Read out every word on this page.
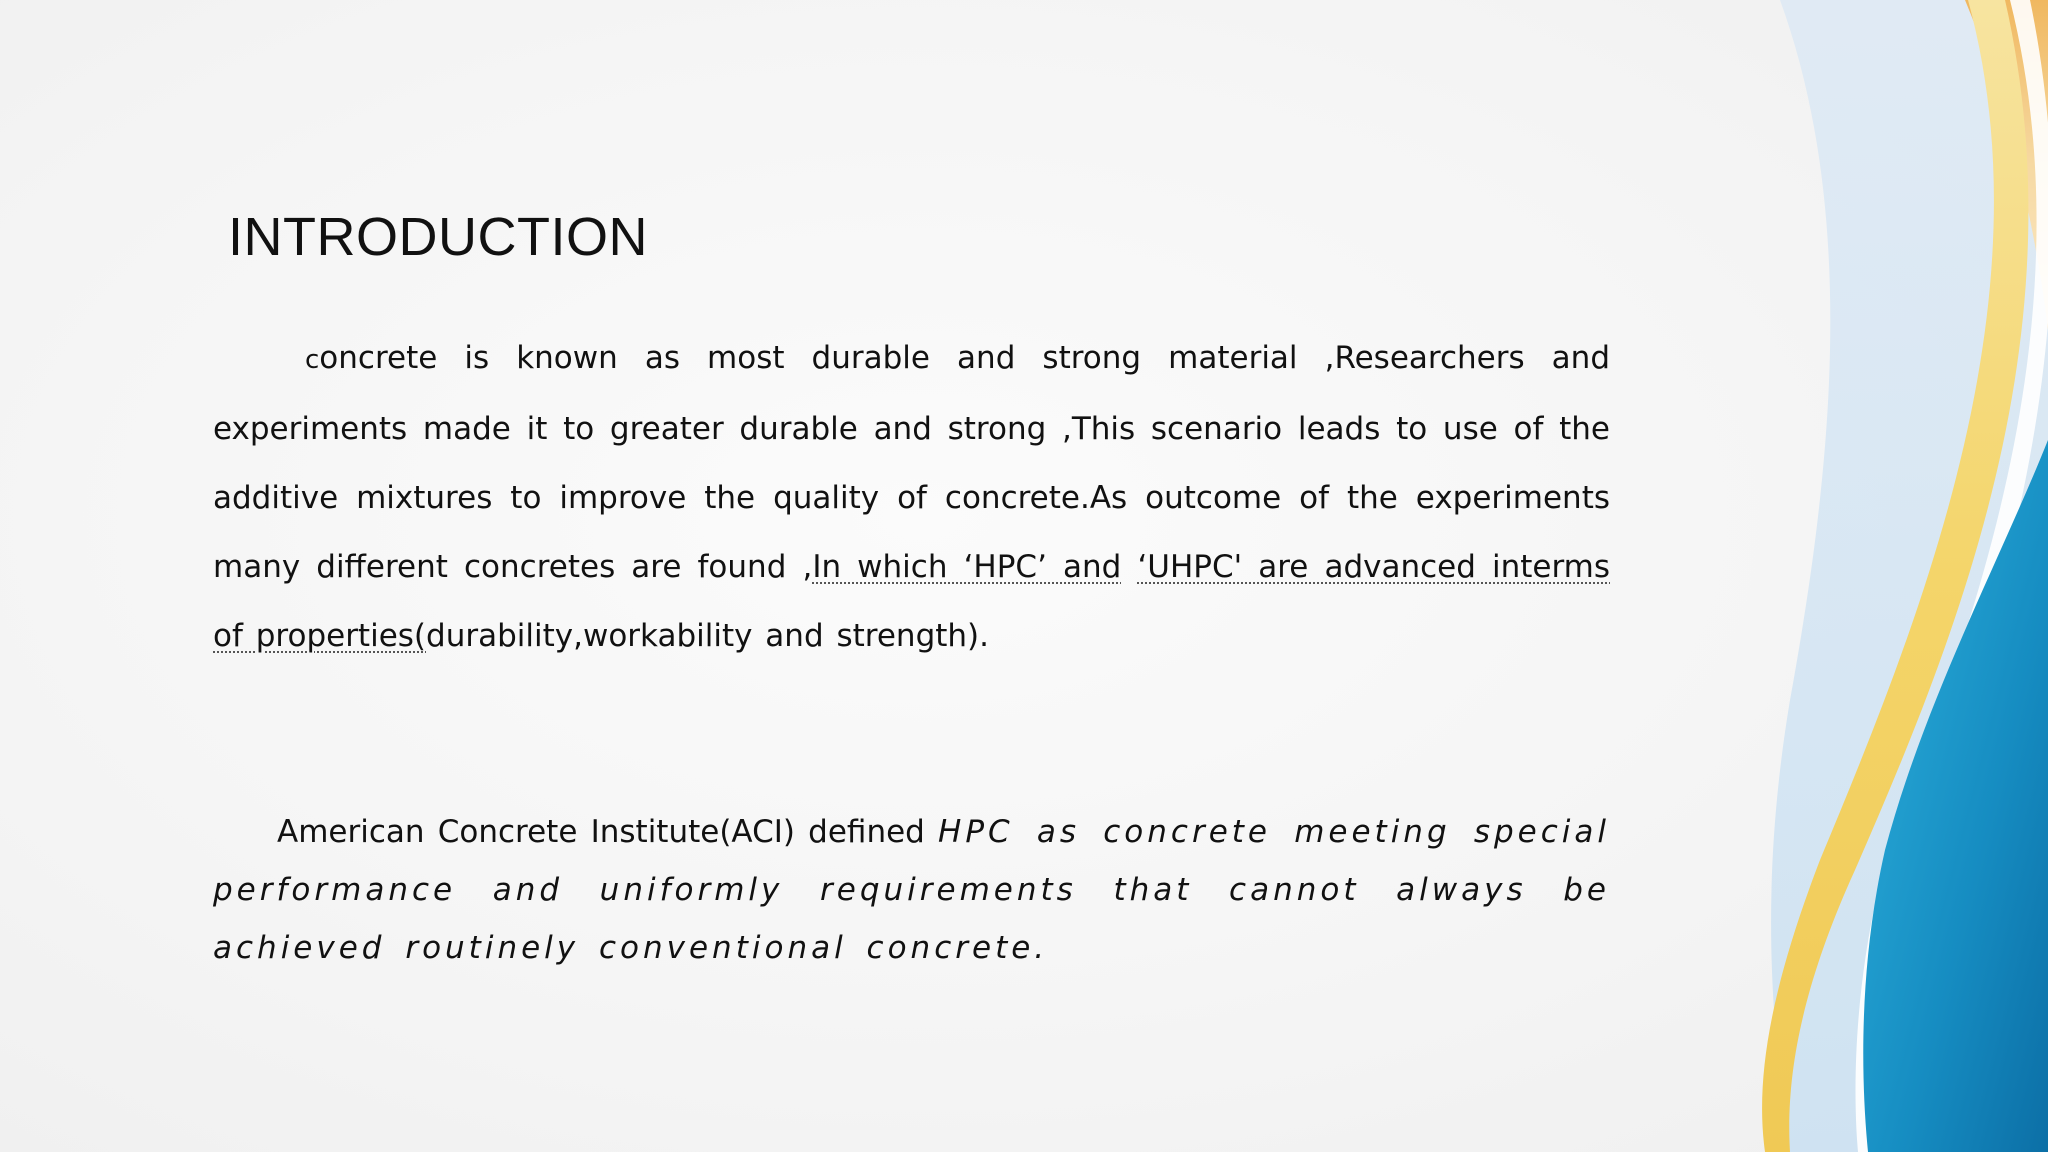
INTRODUCTION

concrete is known as most durable and strong material ,Researchers and experiments made it to greater durable and strong ,This scenario leads to use of the additive mixtures to improve the quality of concrete.As outcome of the experiments many different concretes are found ,In which ‘HPC’ and ‘UHPC' are advanced interms of properties(durability,workability and strength).

American Concrete Institute(ACI) defined HPC as concrete meeting special performance and uniformly requirements that cannot always be achieved routinely conventional concrete.
